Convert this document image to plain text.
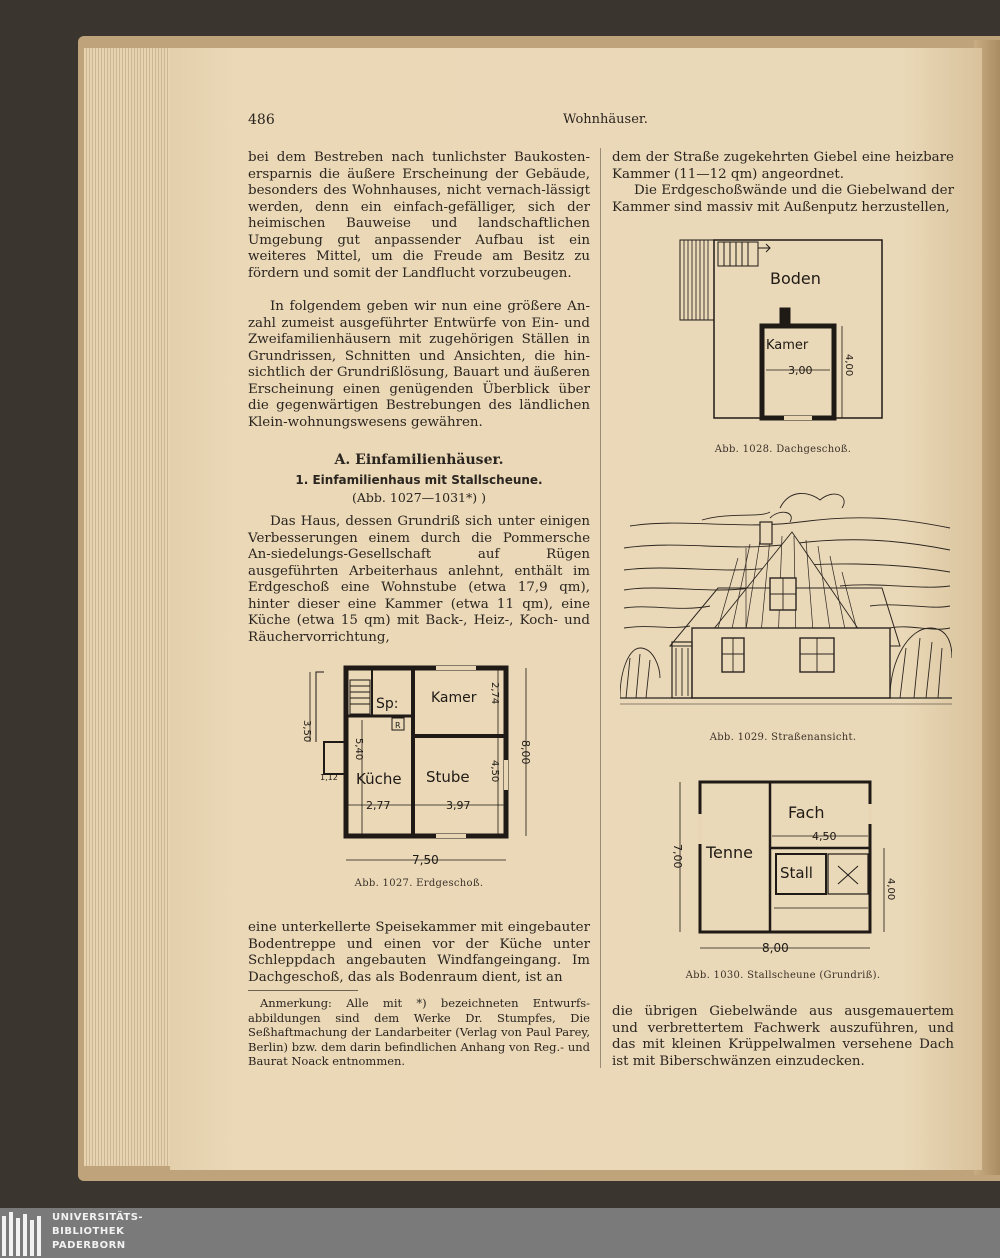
486	Wohnhäuser.
bei dem Bestreben nach tunlichster Baukosten-ersparnis die äußere Erscheinung der Gebäude, besonders des Wohnhauses, nicht vernach-lässigt werden, denn ein einfach-gefälliger, sich der heimischen Bauweise und landschaftlichen Umgebung gut anpassender Aufbau ist ein weiteres Mittel, um die Freude am Besitz zu fördern und somit der Landflucht vorzubeugen.
In folgendem geben wir nun eine größere An-zahl zumeist ausgeführter Entwürfe von Ein- und Zweifamilienhäusern mit zugehörigen Ställen in Grundrissen, Schnitten und Ansichten, die hin-sichtlich der Grundrißlösung, Bauart und äußeren Erscheinung einen genügenden Überblick über die gegenwärtigen Bestrebungen des ländlichen Klein-wohnungswesens gewähren.
A. Einfamilienhäuser.
1. Einfamilienhaus mit Stallscheune.
(Abb. 1027—1031*) )
Das Haus, dessen Grundriß sich unter einigen Verbesserungen einem durch die Pommersche An-siedelungs-Gesellschaft auf Rügen ausgeführten Arbeiterhaus anlehnt, enthält im Erdgeschoß eine Wohnstube (etwa 17,9 qm), hinter dieser eine Kammer (etwa 11 qm), eine Küche (etwa 15 qm) mit Back-, Heiz-, Koch- und Räuchervorrichtung,
Sp: Kamer
R
Küche Stube
3,50
5,40
2,74
4,50
8,00
2,77	3,97
7,50
1,12
Abb. 1027. Erdgeschoß.
eine unterkellerte Speisekammer mit eingebauter Bodentreppe und einen vor der Küche unter Schleppdach angebauten Windfangeingang. Im Dachgeschoß, das als Bodenraum dient, ist an
Anmerkung: Alle mit *) bezeichneten Entwurfs-abbildungen sind dem Werke Dr. Stumpfes, Die Seßhaftmachung der Landarbeiter (Verlag von Paul Parey, Berlin) bzw. dem darin befindlichen Anhang von Reg.- und Baurat Noack entnommen.
dem der Straße zugekehrten Giebel eine heizbare Kammer (11—12 qm) angeordnet.
Die Erdgeschoßwände und die Giebelwand der Kammer sind massiv mit Außenputz herzustellen,
Boden
Kamer
3,00	4,00
Abb. 1028. Dachgeschoß.
Abb. 1029. Straßenansicht.
Fach
Tenne
Stall
4,50
7,00
4,00
8,00
Abb. 1030. Stallscheune (Grundriß).
die übrigen Giebelwände aus ausgemauertem und verbrettertem Fachwerk auszuführen, und das mit kleinen Krüppelwalmen versehene Dach ist mit Biberschwänzen einzudecken.
UNIVERSITÄTS-
BIBLIOTHEK
PADERBORN
